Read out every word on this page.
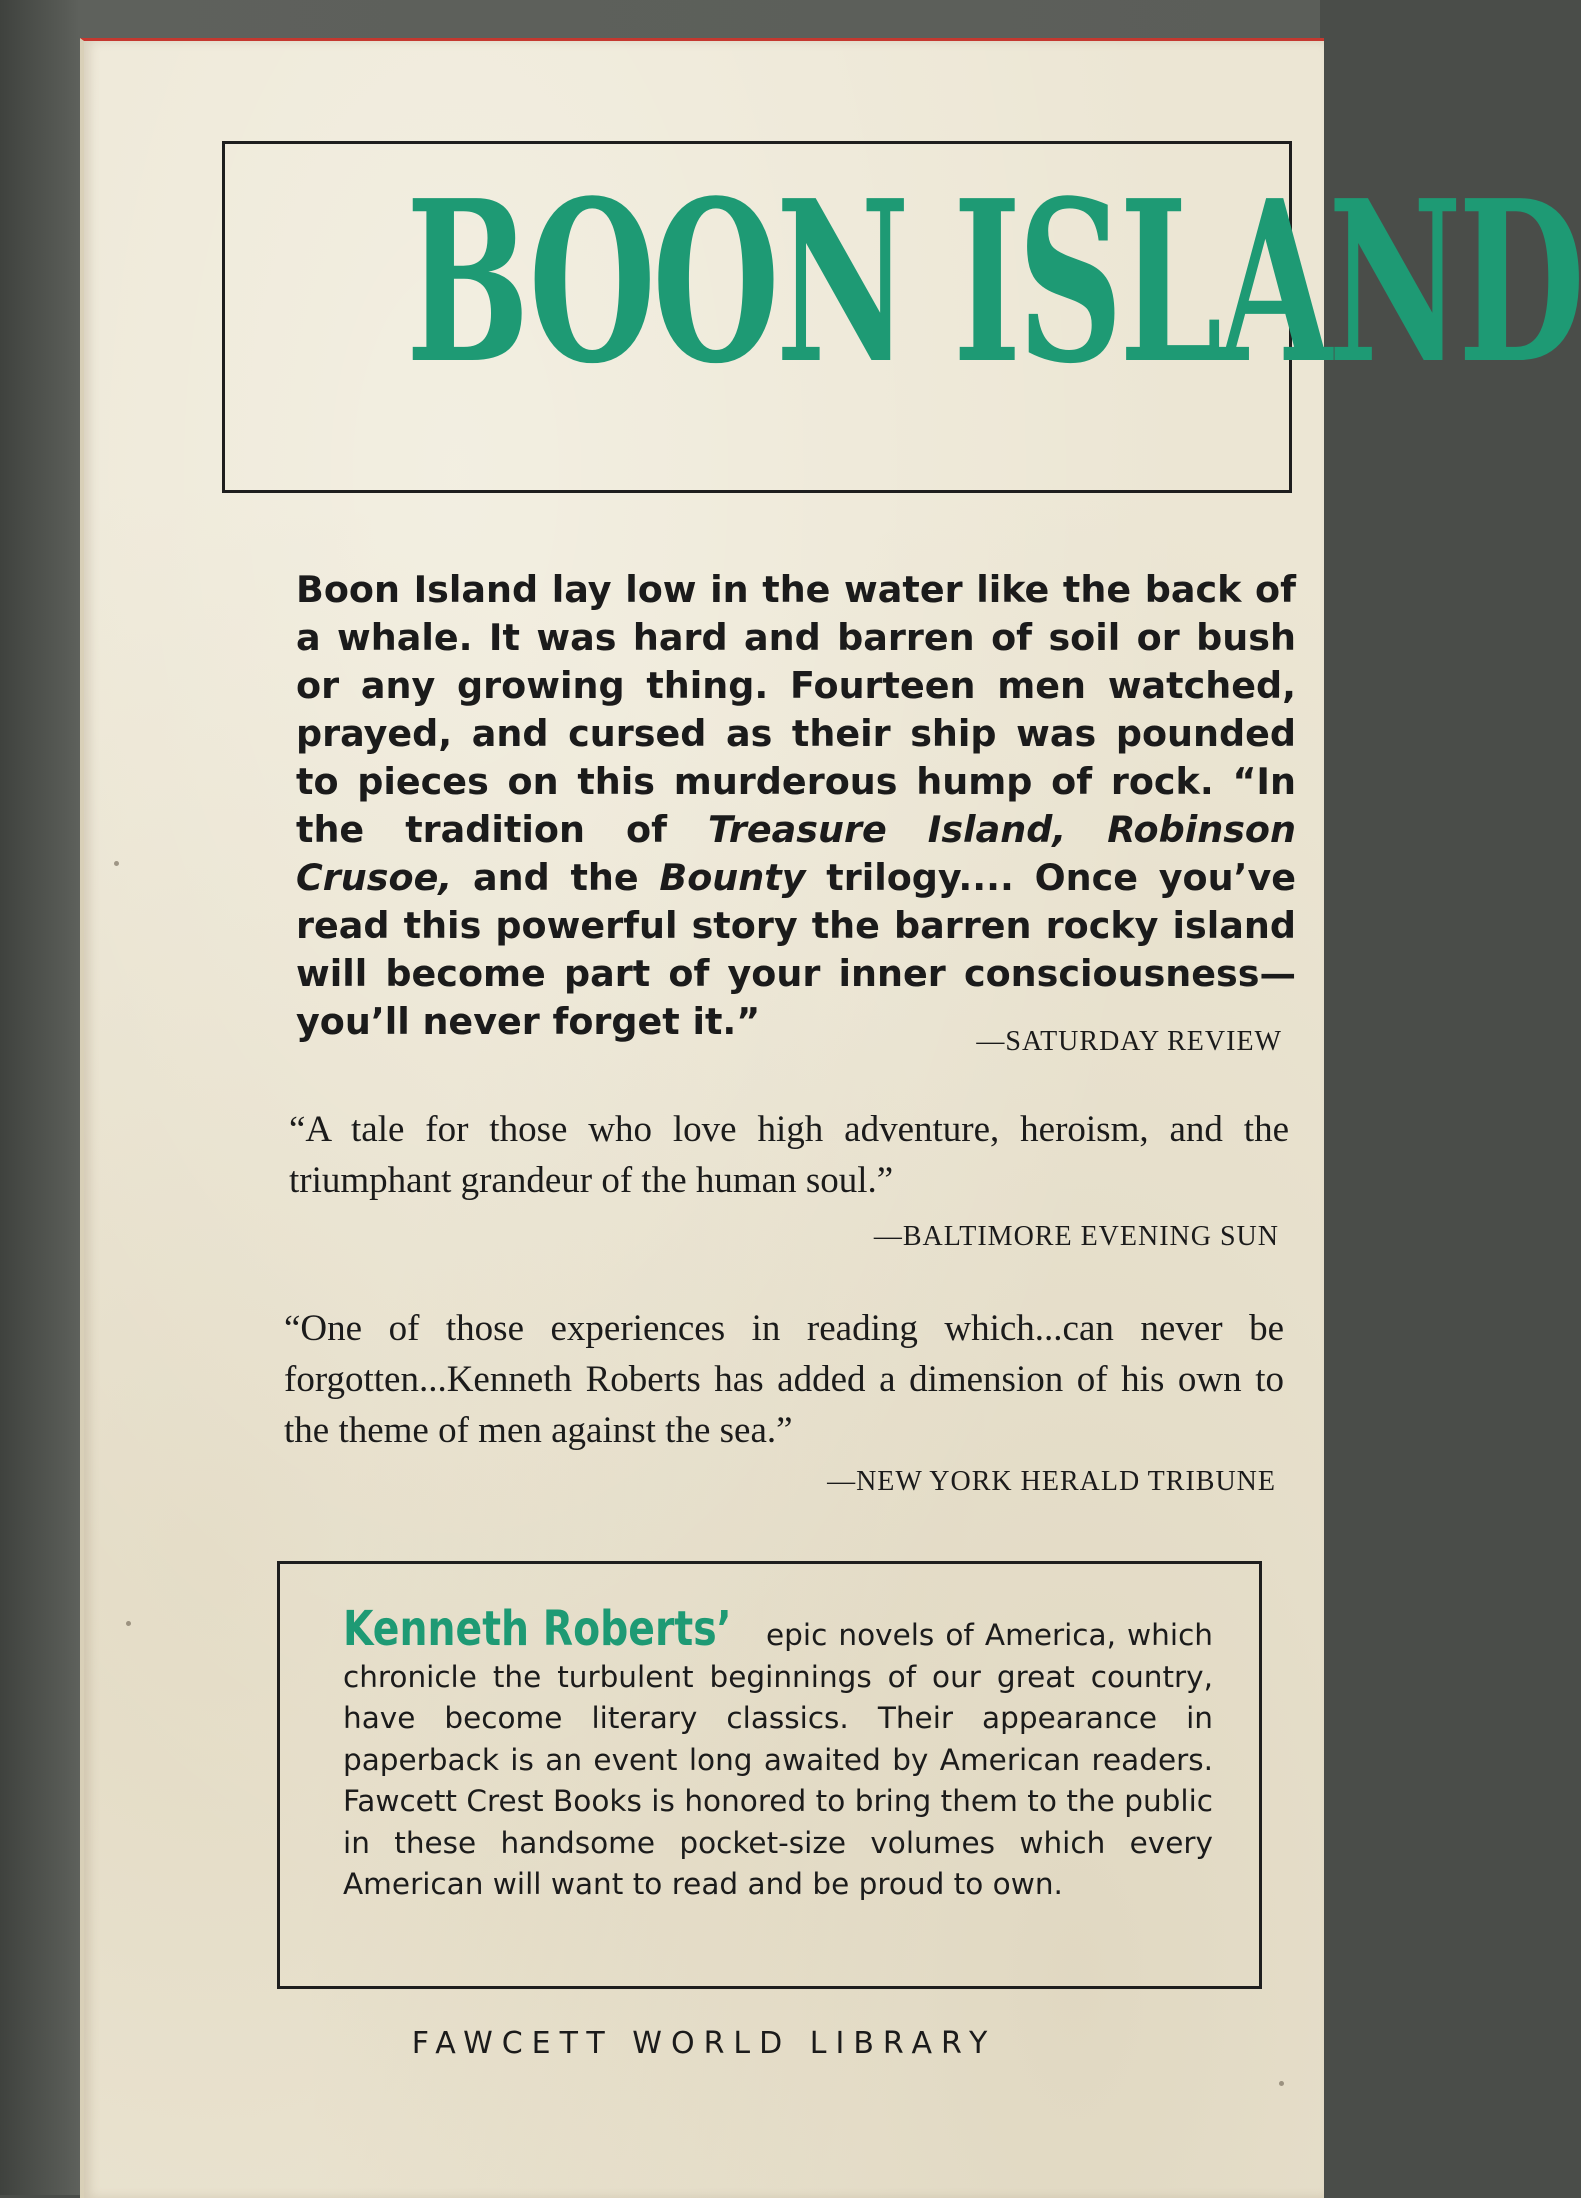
BOON ISLAND

Boon Island lay low in the water like the back of a whale. It was hard and barren of soil or bush or any growing thing. Fourteen men watched, prayed, and cursed as their ship was pounded to pieces on this murderous hump of rock. “In the tradition of Treasure Island, Robinson Crusoe, and the Bounty trilogy.... Once you’ve read this powerful story the barren rocky island will become part of your inner consciousness—you’ll never forget it.”	—SATURDAY REVIEW

“A tale for those who love high adventure, heroism, and the triumphant grandeur of the human soul.”

—BALTIMORE EVENING SUN

“One of those experiences in reading which...can never be forgotten...Kenneth Roberts has added a dimension of his own to the theme of men against the sea.”

—NEW YORK HERALD TRIBUNE

Kenneth Roberts’ epic novels of America, which chronicle the turbulent beginnings of our great country, have become literary classics. Their appearance in paperback is an event long awaited by American readers. Fawcett Crest Books is honored to bring them to the public in these handsome pocket-size volumes which every American will want to read and be proud to own.

FAWCETT WORLD LIBRARY
